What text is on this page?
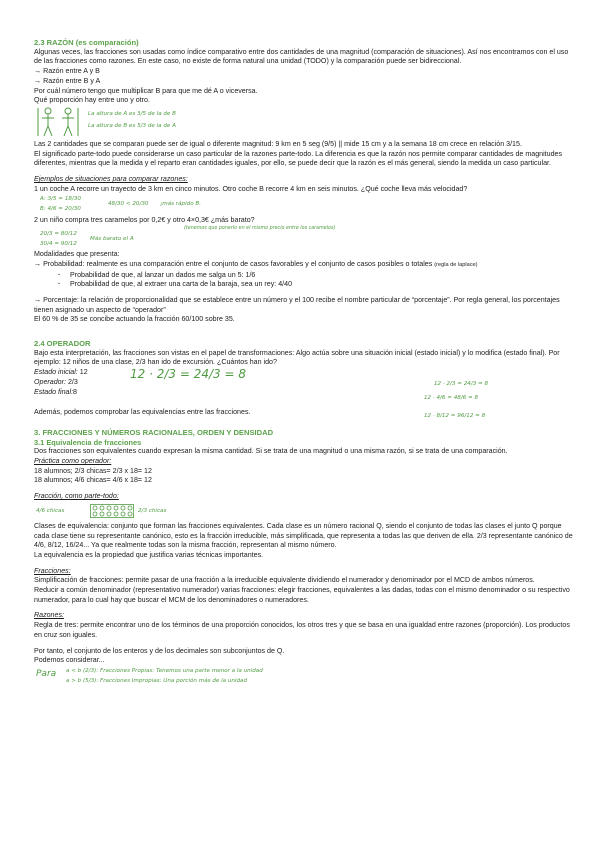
2.3 RAZÓN (es comparación)

Algunas veces, las fracciones son usadas como índice comparativo entre dos cantidades de una magnitud (comparación de situaciones). Así nos encontramos con el uso de las fracciones como razones. En este caso, no existe de forma natural una unidad (TODO) y la comparación puede ser bidireccional.

→ Razón entre A y B

→ Razón entre B y A

Por cuál número tengo que multiplicar B para que me dé A o viceversa.

Qué proporción hay entre uno y otro.

La altura de A es 3/5 de la de B
La altura de B es 5/3 de la de A

Las 2 cantidades que se comparan puede ser de igual o diferente magnitud: 9 km en 5 seg (9/5) || mide 15 cm y a la semana 18 cm crece en relación 3/15.

El significado parte-todo puede considerarse un caso particular de la razones parte-todo. La diferencia es que la razón nos permite comparar cantidades de magnitudes diferentes, mientras que la medida y el reparto eran cantidades iguales, por ello, se puede decir que la razón es el más general, siendo la medida un caso particular.

Ejemplos de situaciones para comparar razones:

1 un coche A recorre un trayecto de 3 km en cinco minutos. Otro coche B recorre 4 km en seis minutos. ¿Qué coche lleva más velocidad?

A: 3/5 = 18/30
B: 4/6 = 20/30
48/30 < 20/30 ¡más rápido B.

2 un niño compra tres caramelos por 0,2€ y otro 4×0,3€ ¿más barato?

(tenemos que ponerlo en el mismo precio entre los caramelos)
20/3 = 80/12
30/4 = 90/12
Más barato el A

Modalidades que presenta:

→ Probabilidad: realmente es una comparación entre el conjunto de casos favorables y el conjunto de casos posibles o totales (regla de laplace)

· Probabilidad de que, al lanzar un dados me salga un 5: 1/6

· Probabilidad de que, al extraer una carta de la baraja, sea un rey: 4/40

→ Porcentaje: la relación de proporcionalidad que se establece entre un número y el 100 recibe el nombre particular de “porcentaje”. Por regla general, los porcentajes tienen asignado un aspecto de “operador”

El 60 % de 35 se concibe actuando la fracción 60/100 sobre 35.

2.4 OPERADOR

Bajo esta interpretación, las fracciones son vistas en el papel de transformaciones: Algo actúa sobre una situación inicial (estado inicial) y lo modifica (estado final). Por ejemplo: 12 niños de una clase, 2/3 han ido de excursión. ¿Cuántos han ido?

Estado inicial: 12

Operador: 2/3

Estado final:8

12 · 2/3 = 24/3 = 8
12 · 2/3 = 24/3 = 8
12 · 4/6 = 48/6 = 8

Además, podemos comprobar las equivalencias entre las fracciones.	12 · 8/12 = 96/12 = 8
3. FRACCIONES Y NÚMEROS RACIONALES, ORDEN Y DENSIDAD
3.1 Equivalencia de fracciones

Dos fracciones son equivalentes cuando expresan la misma cantidad. Si se trata de una magnitud o una misma razón, si se trata de una comparación.

Práctica como operador:

18 alumnos; 2/3 chicas= 2/3 x 18= 12

18 alumnos; 4/6 chicas= 4/6 x 18= 12

Fracción, como parte-todo:

4/6 chicas	2/3 chicas

Clases de equivalencia: conjunto que forman las fracciones equivalentes. Cada clase es un número racional Q, siendo el conjunto de todas las clases el junto Q porque cada clase tiene su representante canónico, esto es la fracción irreducible, más simplificada, que representa a todas las que deriven de ella. 2/3 representante canónico de 4/6, 8/12, 16/24... Ya que realmente todas son la misma fracción, representan al mismo número.

La equivalencia es la propiedad que justifica varias técnicas importantes.

Fracciones:

Simplificación de fracciones: permite pasar de una fracción a la irreducible equivalente dividiendo el numerador y denominador por el MCD de ambos números.

Reducir a común denominador (representativo numerador) varias fracciones: elegir fracciones, equivalentes a las dadas, todas con el mismo denominador o su respectivo numerador, para lo cual hay que buscar el MCM de los denominadores o numeradores.

Razones:

Regla de tres: permite encontrar uno de los términos de una proporción conocidos, los otros tres y que se basa en una igualdad entre razones (proporción). Los productos en cruz son iguales.

Por tanto, el conjunto de los enteros y de los decimales son subconjuntos de Q.

Podemos considerar...

Para a < b (2/3): Fracciones Propias: Tenemos una parte menor a la unidad
a > b (5/3): Fracciones Impropias: Una porción más de la unidad
